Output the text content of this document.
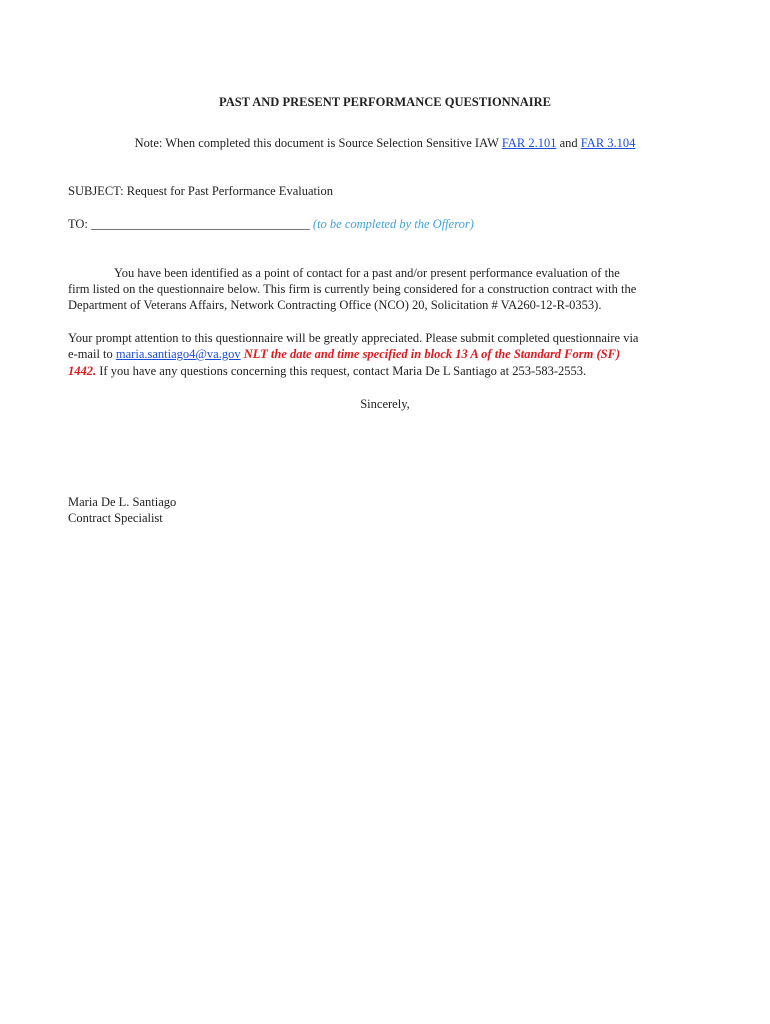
PAST AND PRESENT PERFORMANCE QUESTIONNAIRE
Note: When completed this document is Source Selection Sensitive IAW FAR 2.101 and FAR 3.104
SUBJECT: Request for Past Performance Evaluation
TO: ___________________________________ (to be completed by the Offeror)
You have been identified as a point of contact for a past and/or present performance evaluation of the
firm listed on the questionnaire below. This firm is currently being considered for a construction contract with the
Department of Veterans Affairs, Network Contracting Office (NCO) 20, Solicitation # VA260-12-R-0353).
Your prompt attention to this questionnaire will be greatly appreciated. Please submit completed questionnaire via
e-mail to maria.santiago4@va.gov NLT the date and time specified in block 13 A of the Standard Form (SF)
1442. If you have any questions concerning this request, contact Maria De L Santiago at 253-583-2553.
Sincerely,
Maria De L. Santiago
Contract Specialist
